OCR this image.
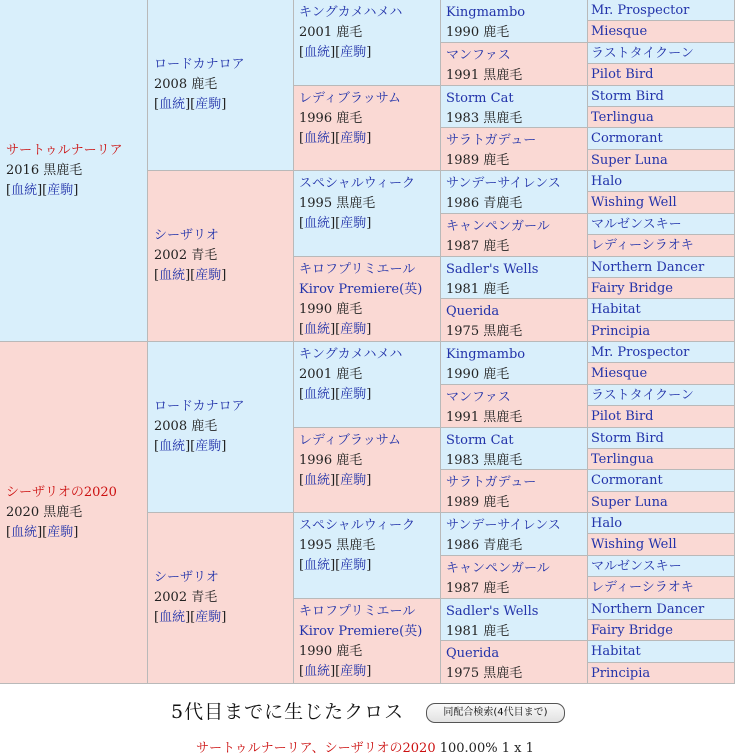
サートゥルナーリア
2016 黒鹿毛
[血統][産駒]
ロードカナロア
2008 鹿毛
[血統][産駒]
キングカメハメハ
2001 鹿毛
[血統][産駒]
Kingmambo
1990 鹿毛
Mr. Prospector
Miesque
マンファス
1991 黒鹿毛
ラストタイクーン
Pilot Bird
レディブラッサム
1996 鹿毛
[血統][産駒]
Storm Cat
1983 黒鹿毛
Storm Bird
Terlingua
サラトガデュー
1989 鹿毛
Cormorant
Super Luna
シーザリオ
2002 青毛
[血統][産駒]
スペシャルウィーク
1995 黒鹿毛
[血統][産駒]
サンデーサイレンス
1986 青鹿毛
Halo
Wishing Well
キャンペンガール
1987 鹿毛
マルゼンスキー
レディーシラオキ
キロフプリミエール
Kirov Premiere(英)
1990 鹿毛
[血統][産駒]
Sadler's Wells
1981 鹿毛
Northern Dancer
Fairy Bridge
Querida
1975 黒鹿毛
Habitat
Principia
シーザリオの2020
2020 黒鹿毛
[血統][産駒]
ロードカナロア
2008 鹿毛
[血統][産駒]
キングカメハメハ
2001 鹿毛
[血統][産駒]
Kingmambo
1990 鹿毛
Mr. Prospector
Miesque
マンファス
1991 黒鹿毛
ラストタイクーン
Pilot Bird
レディブラッサム
1996 鹿毛
[血統][産駒]
Storm Cat
1983 黒鹿毛
Storm Bird
Terlingua
サラトガデュー
1989 鹿毛
Cormorant
Super Luna
シーザリオ
2002 青毛
[血統][産駒]
スペシャルウィーク
1995 黒鹿毛
[血統][産駒]
サンデーサイレンス
1986 青鹿毛
Halo
Wishing Well
キャンペンガール
1987 鹿毛
マルゼンスキー
レディーシラオキ
キロフプリミエール
Kirov Premiere(英)
1990 鹿毛
[血統][産駒]
Sadler's Wells
1981 鹿毛
Northern Dancer
Fairy Bridge
Querida
1975 黒鹿毛
Habitat
Principia
5代目までに生じたクロス	同配合検索(4代目まで)
サートゥルナーリア、シーザリオの2020 100.00% 1 x 1
